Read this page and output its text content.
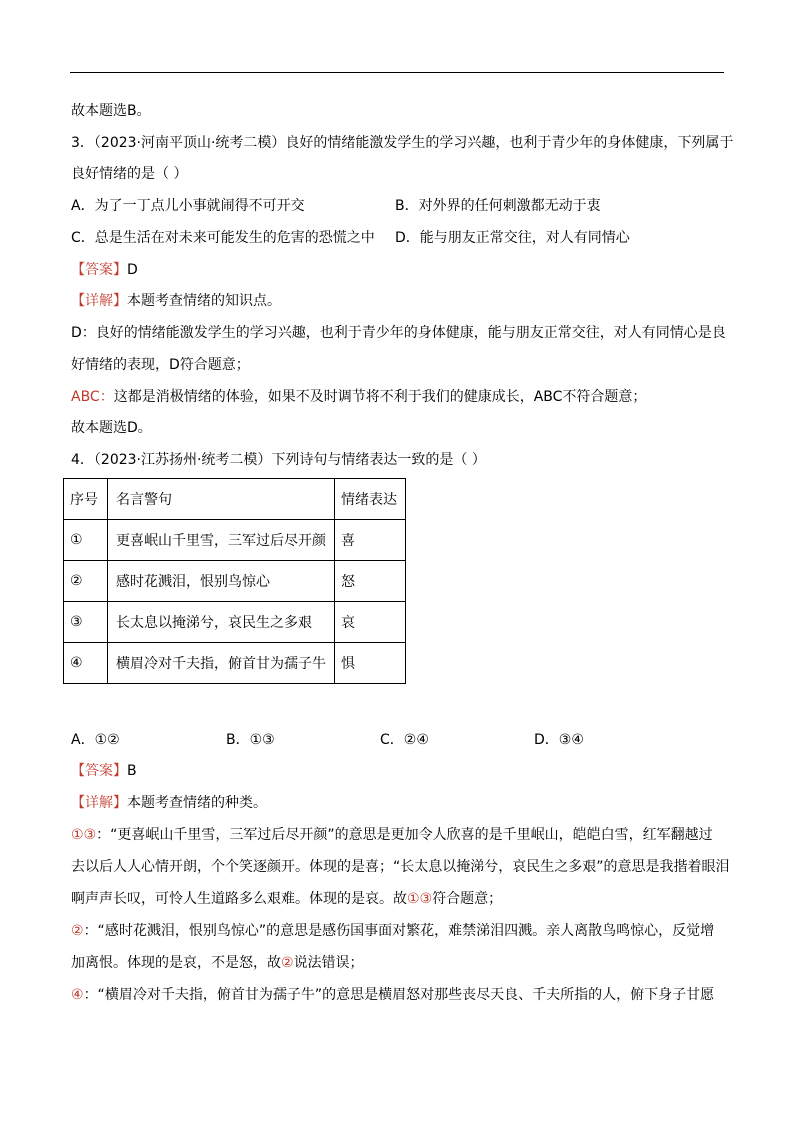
故本题选B。
3．（2023·河南平顶山·统考二模）良好的情绪能激发学生的学习兴趣，也利于青少年的身体健康，下列属于
良好情绪的是（ ）
A．为了一丁点儿小事就闹得不可开交	B．对外界的任何刺激都无动于衷
C．总是生活在对未来可能发生的危害的恐慌之中 D．能与朋友正常交往，对人有同情心
【答案】D
【详解】本题考查情绪的知识点。
D：良好的情绪能激发学生的学习兴趣，也利于青少年的身体健康，能与朋友正常交往，对人有同情心是良
好情绪的表现，D符合题意；
ABC：这都是消极情绪的体验，如果不及时调节将不利于我们的健康成长，ABC不符合题意；
故本题选D。
4．（2023·江苏扬州·统考二模）下列诗句与情绪表达一致的是（ ）
序号	名言警句	情绪表达
①	更喜岷山千里雪，三军过后尽开颜	喜
②	感时花溅泪，恨别鸟惊心	怒
③	长太息以掩涕兮，哀民生之多艰	哀
④	横眉冷对千夫指，俯首甘为孺子牛	惧
A．①②	B．①③	C．②④	D．③④
【答案】B
【详解】本题考查情绪的种类。
①③：“更喜岷山千里雪，三军过后尽开颜”的意思是更加令人欣喜的是千里岷山，皑皑白雪，红军翻越过
去以后人人心情开朗，个个笑逐颜开。体现的是喜；“长太息以掩涕兮，哀民生之多艰”的意思是我揩着眼泪
啊声声长叹，可怜人生道路多么艰难。体现的是哀。故①③符合题意；
②：“感时花溅泪，恨别鸟惊心”的意思是感伤国事面对繁花，难禁涕泪四溅。亲人离散鸟鸣惊心，反觉增
加离恨。体现的是哀，不是怒，故②说法错误；
④：“横眉冷对千夫指，俯首甘为孺子牛”的意思是横眉怒对那些丧尽天良、千夫所指的人，俯下身子甘愿
